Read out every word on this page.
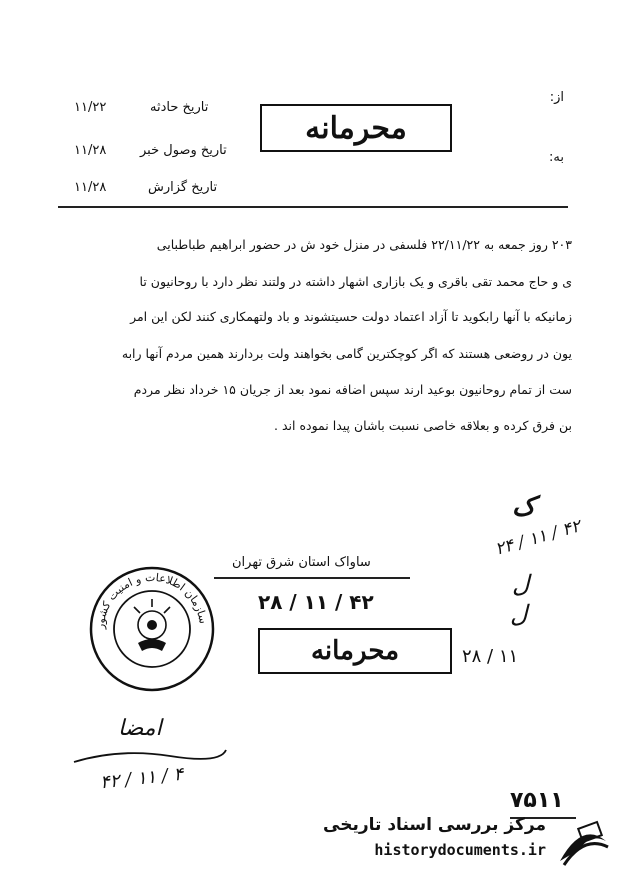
محرمانه
از:
به:
تاریخ حادثه
۱۱/۲۲
تاریخ وصول خبر
۱۱/۲۸
تاریخ گزارش
۱۱/۲۸
۲۰۳ روز جمعه به ۲۲/۱۱/۲۲ فلسفی در منزل خود ش در حضور ابراهیم طباطبایی
ی و حاج محمد تقی باقری و یک بازاری اشهار داشته در ولتند نظر دارد با روحانیون تا
زمانیکه با آنها رابکوید تا آزاد اعتماد دولت حسیتشوند و باد ولتهمکاری کنند لکن این امر
یون در روضعی هستند که اگر کوچکترین گامی بخواهند ولت بردارند همین مردم آنها رابه
ست از تمام روحانیون بوعید ارند سپس اضافه نمود بعد از جریان ۱۵ خرداد نظر مردم
بن فرق کرده و بعلاقه خاصی نسبت باشان پیدا نموده اند .
ساواک استان شرق تهران
۲۸ / ۱۱ / ۴۲
محرمانه	۲۸ / ۱۱
ک
۲۴ / ۱۱ / ۴۲
ل
ل
سازمان اطلاعات و امنیت کشور
امضا
۴۲ / ۱۱ / ۴
۷۵۱۱
مرکز بررسی اسناد تاریخی
historydocuments.ir
